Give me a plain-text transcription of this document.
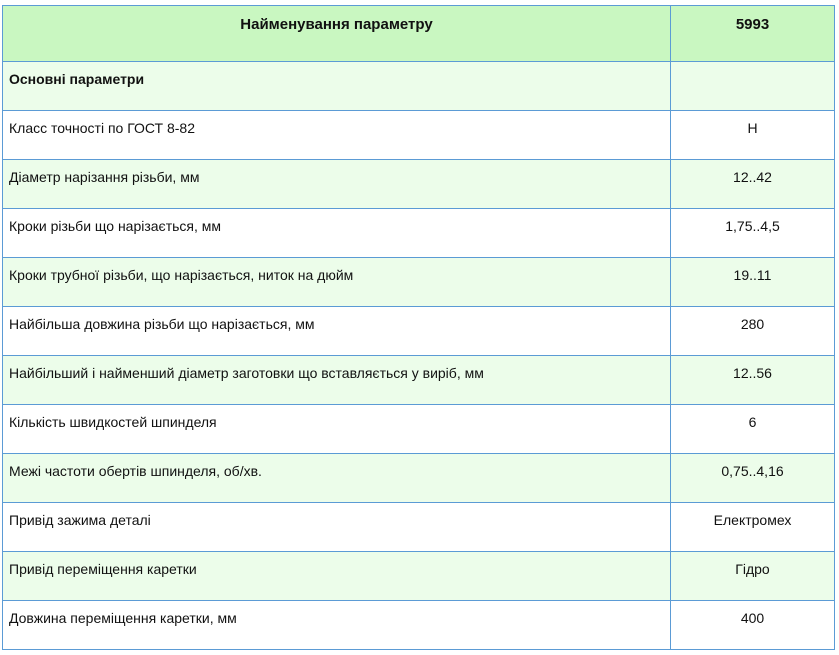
Найменування параметру	5993
Основні параметри	
Класс точності по ГОСТ 8-82	Н
Діаметр нарізання різьби, мм	12..42
Кроки різьби що нарізається, мм	1,75..4,5
Кроки трубної різьби, що нарізається, ниток на дюйм	19..11
Найбільша довжина різьби що нарізається, мм	280
Найбільший і найменший діаметр заготовки що вставляється у виріб, мм	12..56
Кількість швидкостей шпинделя	6
Межі частоти обертів шпинделя, об/хв.	0,75..4,16
Привід зажима деталі	Електромех
Привід переміщення каретки	Гідро
Довжина переміщення каретки, мм	400
